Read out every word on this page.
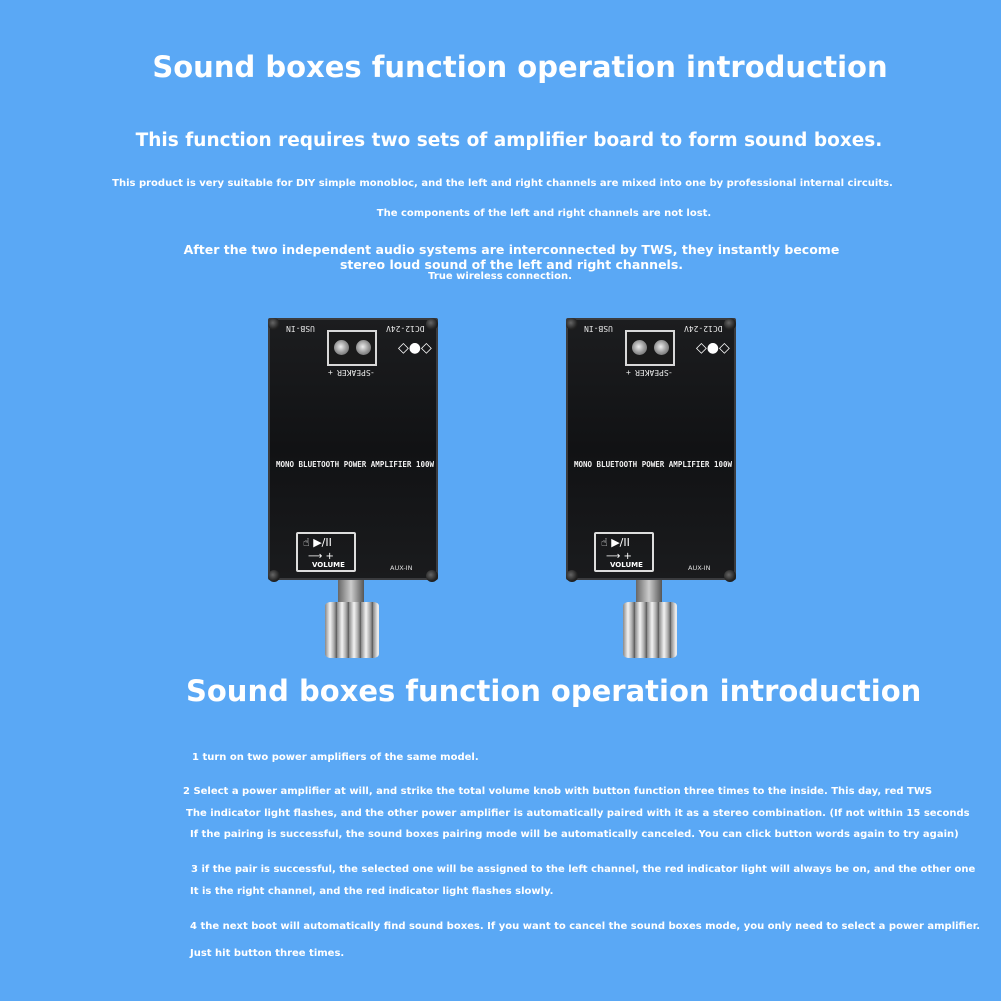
Sound boxes function operation introduction
This function requires two sets of amplifier board to form sound boxes.
This product is very suitable for DIY simple monobloc, and the left and right channels are mixed into one by professional internal circuits.
The components of the left and right channels are not lost.
After the two independent audio systems are interconnected by TWS, they instantly become
stereo loud sound of the left and right channels.
True wireless connection.
USB-IN	DC12-24V
◇●◇
+ SPEAKER -
MONO BLUETOOTH POWER AMPLIFIER 100W
☝ ▶/II
⟶ +
VOLUME	AUX-IN
USB-IN	DC12-24V
◇●◇
+ SPEAKER -
MONO BLUETOOTH POWER AMPLIFIER 100W
☝ ▶/II
⟶ +
VOLUME	AUX-IN
Sound boxes function operation introduction
1 turn on two power amplifiers of the same model.
2 Select a power amplifier at will, and strike the total volume knob with button function three times to the inside. This day, red TWS
The indicator light flashes, and the other power amplifier is automatically paired with it as a stereo combination. (If not within 15 seconds
If the pairing is successful, the sound boxes pairing mode will be automatically canceled. You can click button words again to try again)
3 if the pair is successful, the selected one will be assigned to the left channel, the red indicator light will always be on, and the other one
It is the right channel, and the red indicator light flashes slowly.
4 the next boot will automatically find sound boxes. If you want to cancel the sound boxes mode, you only need to select a power amplifier.
Just hit button three times.
